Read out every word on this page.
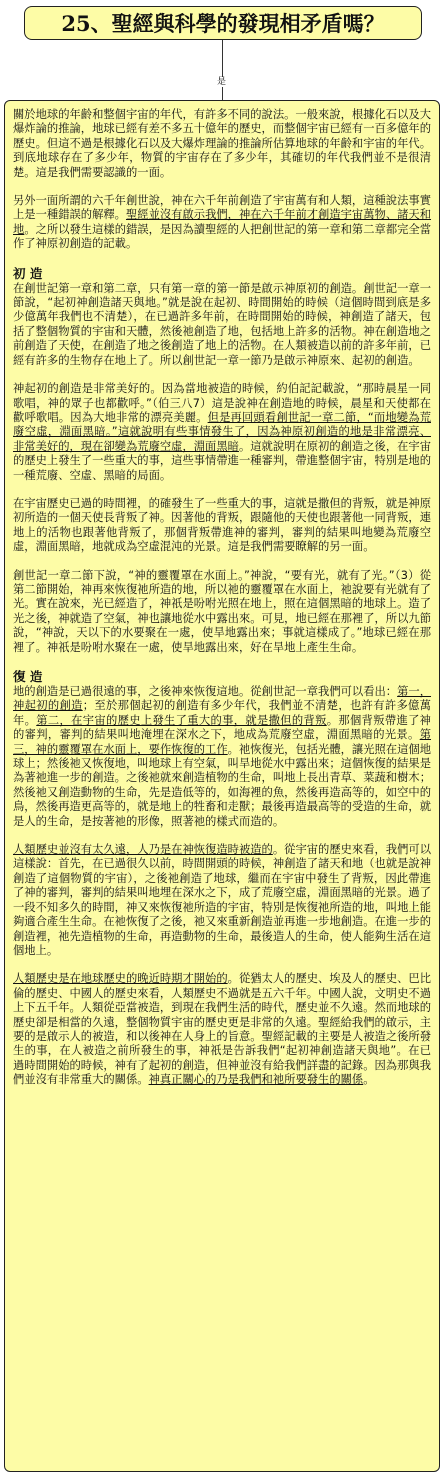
25、聖經與科學的發現相矛盾嗎？
是

關於地球的年齡和整個宇宙的年代，有許多不同的說法。一般來說，根據化石以及大爆炸論的推論，地球已經有差不多五十億年的歷史，而整個宇宙已經有一百多億年的歷史。但這不過是根據化石以及大爆炸理論的推論所估算地球的年齡和宇宙的年代。到底地球存在了多少年，物質的宇宙存在了多少年，其確切的年代我們並不是很清楚。這是我們需要認識的一面。

另外一面所謂的六千年創世說，神在六千年前創造了宇宙萬有和人類，這種說法事實上是一種錯誤的解釋。聖經並沒有啟示我們，神在六千年前才創造宇宙萬物、諸天和地。之所以發生這樣的錯誤，是因為讀聖經的人把創世記的第一章和第二章都完全當作了神原初創造的記載。

初 造

在創世記第一章和第二章，只有第一章的第一節是啟示神原初的創造。創世記一章一節說，“起初神創造諸天與地。”就是說在起初、時間開始的時候（這個時間到底是多少億萬年我們也不清楚），在已過許多年前，在時間開始的時候，神創造了諸天，包括了整個物質的宇宙和天體，然後祂創造了地，包括地上許多的活物。神在創造地之前創造了天使，在創造了地之後創造了地上的活物。在人類被造以前的許多年前，已經有許多的生物存在地上了。所以創世記一章一節乃是啟示神原來、起初的創造。

神起初的創造是非常美好的。因為當地被造的時候，約伯記記載說，“那時晨星一同歌唱，神的眾子也都歡呼。”（伯三八7）這是說神在創造地的時候，晨星和天使都在歡呼歌唱。因為大地非常的漂亮美麗。但是再回頭看創世記一章二節，“而地變為荒廢空虛，淵面黑暗。”這就說明有些事情發生了，因為神原初創造的地是非常漂亮、非常美好的，現在卻變為荒廢空虛，淵面黑暗。這就說明在原初的創造之後，在宇宙的歷史上發生了一些重大的事，這些事情帶進一種審判，帶進整個宇宙，特別是地的一種荒廢、空虛、黑暗的局面。

在宇宙歷史已過的時間裡，的確發生了一些重大的事，這就是撒但的背叛，就是神原初所造的一個天使長背叛了神。因著他的背叛，跟隨他的天使也跟著他一同背叛，連地上的活物也跟著他背叛了，那個背叛帶進神的審判，審判的結果叫地變為荒廢空虛，淵面黑暗，地就成為空虛混沌的光景。這是我們需要瞭解的另一面。

創世記一章二節下說，“神的靈覆罩在水面上。”神說，“要有光，就有了光。”（3）從第二節開始，神再來恢復祂所造的地，所以祂的靈覆罩在水面上，祂說要有光就有了光。實在說來，光已經造了，神祇是吩咐光照在地上，照在這個黑暗的地球上。造了光之後，神就造了空氣，神也讓地從水中露出來。可見，地已經在那裡了，所以九節說，“神說，天以下的水要聚在一處，使旱地露出來；事就這樣成了。”地球已經在那裡了。神祇是吩咐水聚在一處，使旱地露出來，好在旱地上產生生命。

復 造

地的創造是已過很遠的事，之後神來恢復這地。從創世記一章我們可以看出：第一，神起初的創造；至於那個起初的創造有多少年代，我們並不清楚，也許有許多億萬年。第二，在宇宙的歷史上發生了重大的事，就是撒但的背叛。那個背叛帶進了神的審判，審判的結果叫地淹埋在深水之下，地成為荒廢空虛，淵面黑暗的光景。第三，神的靈覆罩在水面上，要作恢復的工作。祂恢復光，包括光體，讓光照在這個地球上；然後祂又恢復地，叫地球上有空氣，叫旱地從水中露出來；這個恢復的結果是為著祂進一步的創造。之後祂就來創造植物的生命，叫地上長出青草、菜蔬和樹木；然後祂又創造動物的生命，先是造低等的，如海裡的魚，然後再造高等的，如空中的鳥，然後再造更高等的，就是地上的牲畜和走獸；最後再造最高等的受造的生命，就是人的生命，是按著祂的形像，照著祂的樣式而造的。

人類歷史並沒有太久遠，人乃是在神恢復造時被造的。從宇宙的歷史來看，我們可以這樣說：首先，在已過很久以前，時間開頭的時候，神創造了諸天和地（也就是說神創造了這個物質的宇宙），之後祂創造了地球，繼而在宇宙中發生了背叛，因此帶進了神的審判，審判的結果叫地埋在深水之下，成了荒廢空虛，淵面黑暗的光景。過了一段不知多久的時間，神又來恢復祂所造的宇宙，特別是恢復祂所造的地，叫地上能夠適合產生生命。在祂恢復了之後，祂又來重新創造並再進一步地創造。在進一步的創造裡，祂先造植物的生命，再造動物的生命，最後造人的生命，使人能夠生活在這個地上。

人類歷史是在地球歷史的晚近時期才開始的。從猶太人的歷史、埃及人的歷史、巴比倫的歷史、中國人的歷史來看，人類歷史不過就是五六千年。中國人說，文明史不過上下五千年。人類從亞當被造，到現在我們生活的時代，歷史並不久遠。然而地球的歷史卻是相當的久遠，整個物質宇宙的歷史更是非常的久遠。聖經給我們的啟示，主要的是啟示人的被造，和以後神在人身上的旨意。聖經記載的主要是人被造之後所發生的事，在人被造之前所發生的事，神祇是告訴我們“起初神創造諸天與地”。在已過時間開始的時候，神有了起初的創造，但神並沒有給我們詳盡的記錄。因為那與我們並沒有非常重大的關係。神真正關心的乃是我們和祂所要發生的關係。
